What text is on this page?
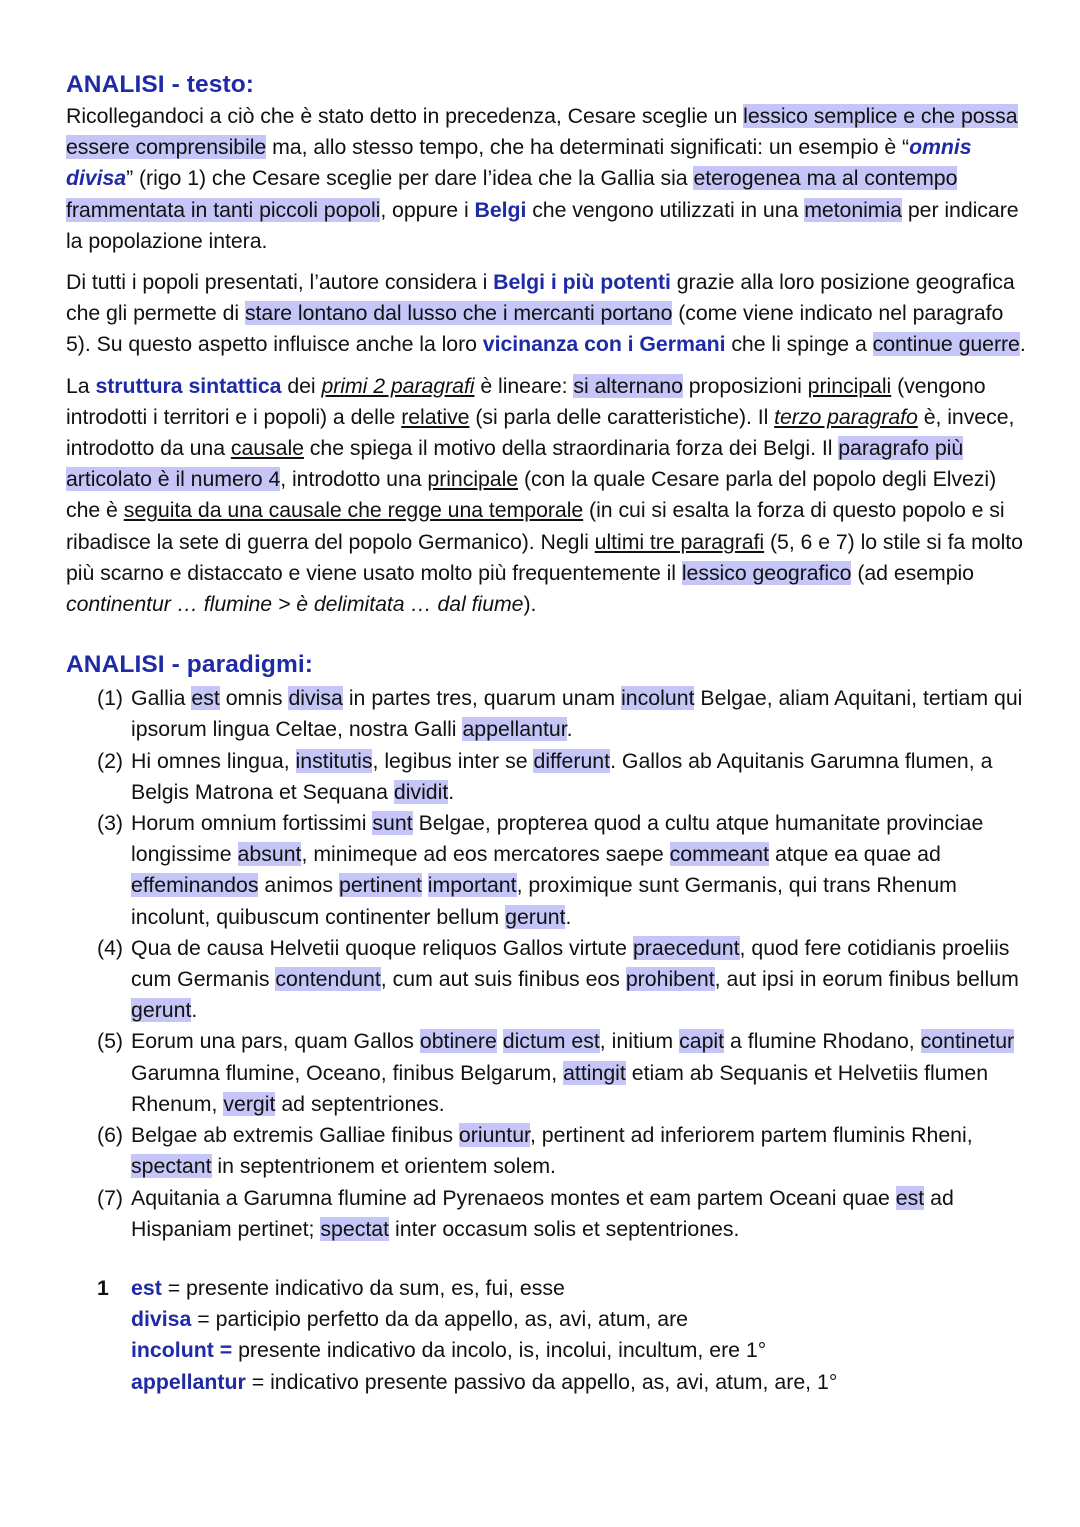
ANALISI - testo:

Ricollegandoci a ciò che è stato detto in precedenza, Cesare sceglie un lessico semplice e che possa essere comprensibile ma, allo stesso tempo, che ha determinati significati: un esempio è “omnis divisa” (rigo 1) che Cesare sceglie per dare l’idea che la Gallia sia eterogenea ma al contempo frammentata in tanti piccoli popoli, oppure i Belgi che vengono utilizzati in una metonimia per indicare la popolazione intera.

Di tutti i popoli presentati, l’autore considera i Belgi i più potenti grazie alla loro posizione geografica che gli permette di stare lontano dal lusso che i mercanti portano (come viene indicato nel paragrafo 5). Su questo aspetto influisce anche la loro vicinanza con i Germani che li spinge a continue guerre.

La struttura sintattica dei primi 2 paragrafi è lineare: si alternano proposizioni principali (vengono introdotti i territori e i popoli) a delle relative (si parla delle caratteristiche). Il terzo paragrafo è, invece, introdotto da una causale che spiega il motivo della straordinaria forza dei Belgi. Il paragrafo più articolato è il numero 4, introdotto una principale (con la quale Cesare parla del popolo degli Elvezi) che è seguita da una causale che regge una temporale (in cui si esalta la forza di questo popolo e si ribadisce la sete di guerra del popolo Germanico). Negli ultimi tre paragrafi (5, 6 e 7) lo stile si fa molto più scarno e distaccato e viene usato molto più frequentemente il lessico geografico (ad esempio continentur … flumine > è delimitata … dal fiume).

ANALISI - paradigmi:
(1) Gallia est omnis divisa in partes tres, quarum unam incolunt Belgae, aliam Aquitani, tertiam qui ipsorum lingua Celtae, nostra Galli appellantur.
(2) Hi omnes lingua, institutis, legibus inter se differunt. Gallos ab Aquitanis Garumna flumen, a Belgis Matrona et Sequana dividit.
(3) Horum omnium fortissimi sunt Belgae, propterea quod a cultu atque humanitate provinciae longissime absunt, minimeque ad eos mercatores saepe commeant atque ea quae ad effeminandos animos pertinent important, proximique sunt Germanis, qui trans Rhenum incolunt, quibuscum continenter bellum gerunt.
(4) Qua de causa Helvetii quoque reliquos Gallos virtute praecedunt, quod fere cotidianis proeliis cum Germanis contendunt, cum aut suis finibus eos prohibent, aut ipsi in eorum finibus bellum gerunt.
(5) Eorum una pars, quam Gallos obtinere dictum est, initium capit a flumine Rhodano, continetur Garumna flumine, Oceano, finibus Belgarum, attingit etiam ab Sequanis et Helvetiis flumen Rhenum, vergit ad septentriones.
(6) Belgae ab extremis Galliae finibus oriuntur, pertinent ad inferiorem partem fluminis Rheni, spectant in septentrionem et orientem solem.
(7) Aquitania a Garumna flumine ad Pyrenaeos montes et eam partem Oceani quae est ad Hispaniam pertinet; spectat inter occasum solis et septentriones.
1 est = presente indicativo da sum, es, fui, esse
divisa = participio perfetto da da appello, as, avi, atum, are
incolunt = presente indicativo da incolo, is, incolui, incultum, ere 1°
appellantur = indicativo presente passivo da appello, as, avi, atum, are, 1°
